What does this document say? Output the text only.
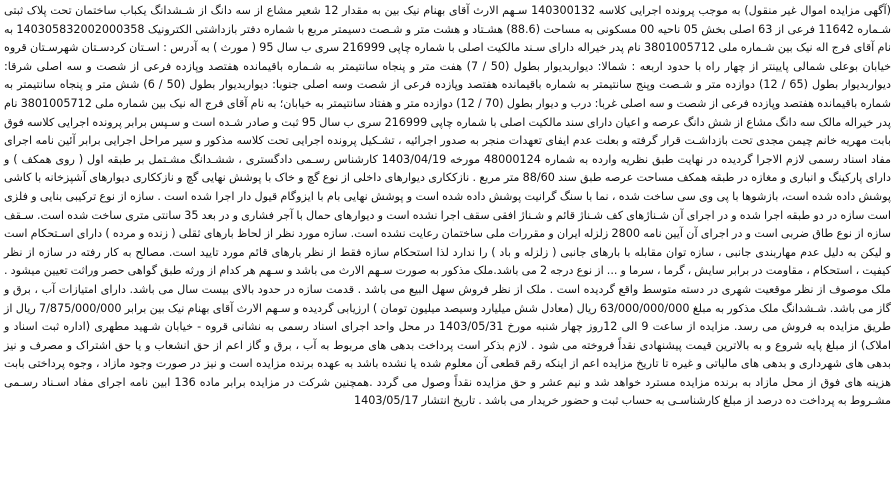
(آگهی مزایده اموال غیر منقول) به موجب پرونده اجرایی کلاسه 140300132 سـهم الارث آقای بهنام نیک بین به مقدار 12 شعیر مشاع از سه دانگ از شـشدانگ یکباب ساختمان تحت پلاک ثبتی شـماره 11642 فرعی از 63 اصلی بخش 05 ناحیه 00 مسکونی به مساحت (88.6) هشـتاد و هشت متر و شـصت دسیمتر مربع با شماره دفتر بازداشتی الکترونیک 140305832002000358 به نام آقای فرج اله نیک بین شـماره ملی 3801005712 نام پدر خیراله دارای سـند مالکیت اصلی با شماره چاپی 216999 سری ب سال 95 ( مورث ) به آدرس : اسـتان کردسـتان شهرسـتان قروه خیابان بوعلی شمالی پایینتر از چهار راه با حدود اربعه : شمالا: دیواربدیوار بطول (50 / 7) هفت متر و پنجاه سانتیمتر به شـماره باقیمانده هفتصد وپازده فرعی از شصت و سه اصلی شرقا: دیواربدیوار بطول (65 / 12) دوازده متر و شـصت وپنج سانتیمتر به شماره باقیمانده هفتصد وپازده فرعی از شصت وسه اصلی جنوبا: دیواربدیوار بطول (50 / 6) شش متر و پنجاه سانتیمتر به شماره باقیمانده هفتصد وپازده فرعی از شصت و سه اصلی غربا: درب و دیوار بطول (70 / 12) دوازده متر و هفتاد سانتیمتر به خیابان؛ به نام آقای فرج اله نیک بین شماره ملی 3801005712 نام پدر خیراله مالک سه دانگ مشاع از شش دانگ عرصه و اعیان دارای سند مالکیت اصلی با شماره چاپی 216999 سری ب سال 95 ثبت و صادر شـده است و سـپس برابر پرونده اجرایی کلاسه فوق بابت مهریه خانم چیمن مجدی تحت بازداشـت قرار گرفته و بعلت عدم ایفای تعهدات منجر به صدور اجرائیه ، تشـکیل پرونده اجرایی تحت کلاسه مذکور و سیر مراحل اجرایی برابر آئین نامه اجرای مفاد اسناد رسمی لازم الاجرا گردیده در نهایت طبق نظریه وارده به شماره 48000124 مورخه 1403/04/19 کارشناس رسـمی دادگستری ، ششـدانگ مشـتمل بر طبقه اول ( روی همکف ) و دارای پارکینگ و انباری و مغازه در طبقه همکف مساحت عرصه طبق سند 88/60 متر مربع . نازککاری دیوارهای داخلی از نوع گچ و خاک با پوشش نهایی گچ و نازککاری دیوارهای آشپزخانه با کاشی پوشش داده شده است، بازشوها با پی وی سی ساخت شده ، نما با سنگ گرانیت پوشش داده شده است و پوشش نهایی بام با ایزوگام قیول دار اجرا شده است . سازه از نوع ترکیبی بنایی و فلزی است سازه در دو طبقه اجرا شده و در اجرای آن شـناژهای کف شـناژ قائم و شـناژ افقی سقف اجرا نشده است و دیوارهای حمال با آجر فشاری و در بعد 35 سانتی متری ساخت شده است. سـقف سازه از نوع طاق ضربی است و در اجرای آن آیین نامه 2800 زلزله ایران و مقررات ملی ساختمان رعایت نشده است. سازه مورد نظر از لحاظ بارهای ثقلی ( زنده و مرده ) دارای اسـتحکام است و لیکن به دلیل عدم مهاربندی جانبی ، سازه توان مقابله با بارهای جانبی ( زلزله و باد ) را ندارد لذا استحکام سازه فقط از نظر بارهای قائم مورد تایید است. مصالح به کار رفته در سازه از نظر کیفیت ، استحکام ، مقاومت در برابر سایش ، گرما ، سرما و ... از نوع درجه 2 می باشد.ملک مذکور به صورت سـهم الارث می باشد و سـهم هر کدام از ورثه طبق گواهی حصر وراثت تعیین میشود . ملک موصوف از نظر موقعیت شهری در دسته متوسط واقع گردیده است . ملک از نظر فروش سهل البیع می باشد . قدمت سازه در حدود بالای بیست سال می باشد. دارای امتیازات آب ، برق و گاز می باشد. شـشدانگ ملک مذکور به مبلغ 63/000/000/000 ریال (معادل شش میلیارد وسیصد میلیون تومان ) ارزیابی گردیده و سـهم الارث آقای بهنام نیک بین برابر 7/875/000/000 ریال از طریق مزایده به فروش می رسد. مزایده از ساعت 9 الی 12روز چهار شنبه مورخ 1403/05/31 در محل واحد اجرای اسناد رسمی به نشانی قروه - خیابان شـهید مطهری (اداره ثبت اسناد و املاک) از مبلغ پایه شروع و به بالاترین قیمت پیشنهادی نقداً فروخته می شود . لازم بذکر است پرداخت بدهی های مربوط به آب ، برق و گاز اعم از حق انشعاب و یا حق اشتراک و مصرف و نیز بدهی های شهرداری و بدهی های مالیاتی و غیره تا تاریخ مزایده اعم از اینکه رقم قطعی آن معلوم شده یا نشده باشد به عهده برنده مزایده است و نیز در صورت وجود مازاد ، وجوه پرداختی بابت هزینه های فوق از محل مازاد به برنده مزایده مسترد خواهد شد و نیم عشر و حق مزایده نقداً وصول می گردد .همچنین شرکت در مزایده برابر ماده 136 ابین نامه اجرای مفاد اسـناد رسـمی مشـروط به پرداخت ده درصد از مبلغ کارشناسـی به حساب ثبت و حضور خریدار می باشد . تاریخ انتشار 1403/05/17
